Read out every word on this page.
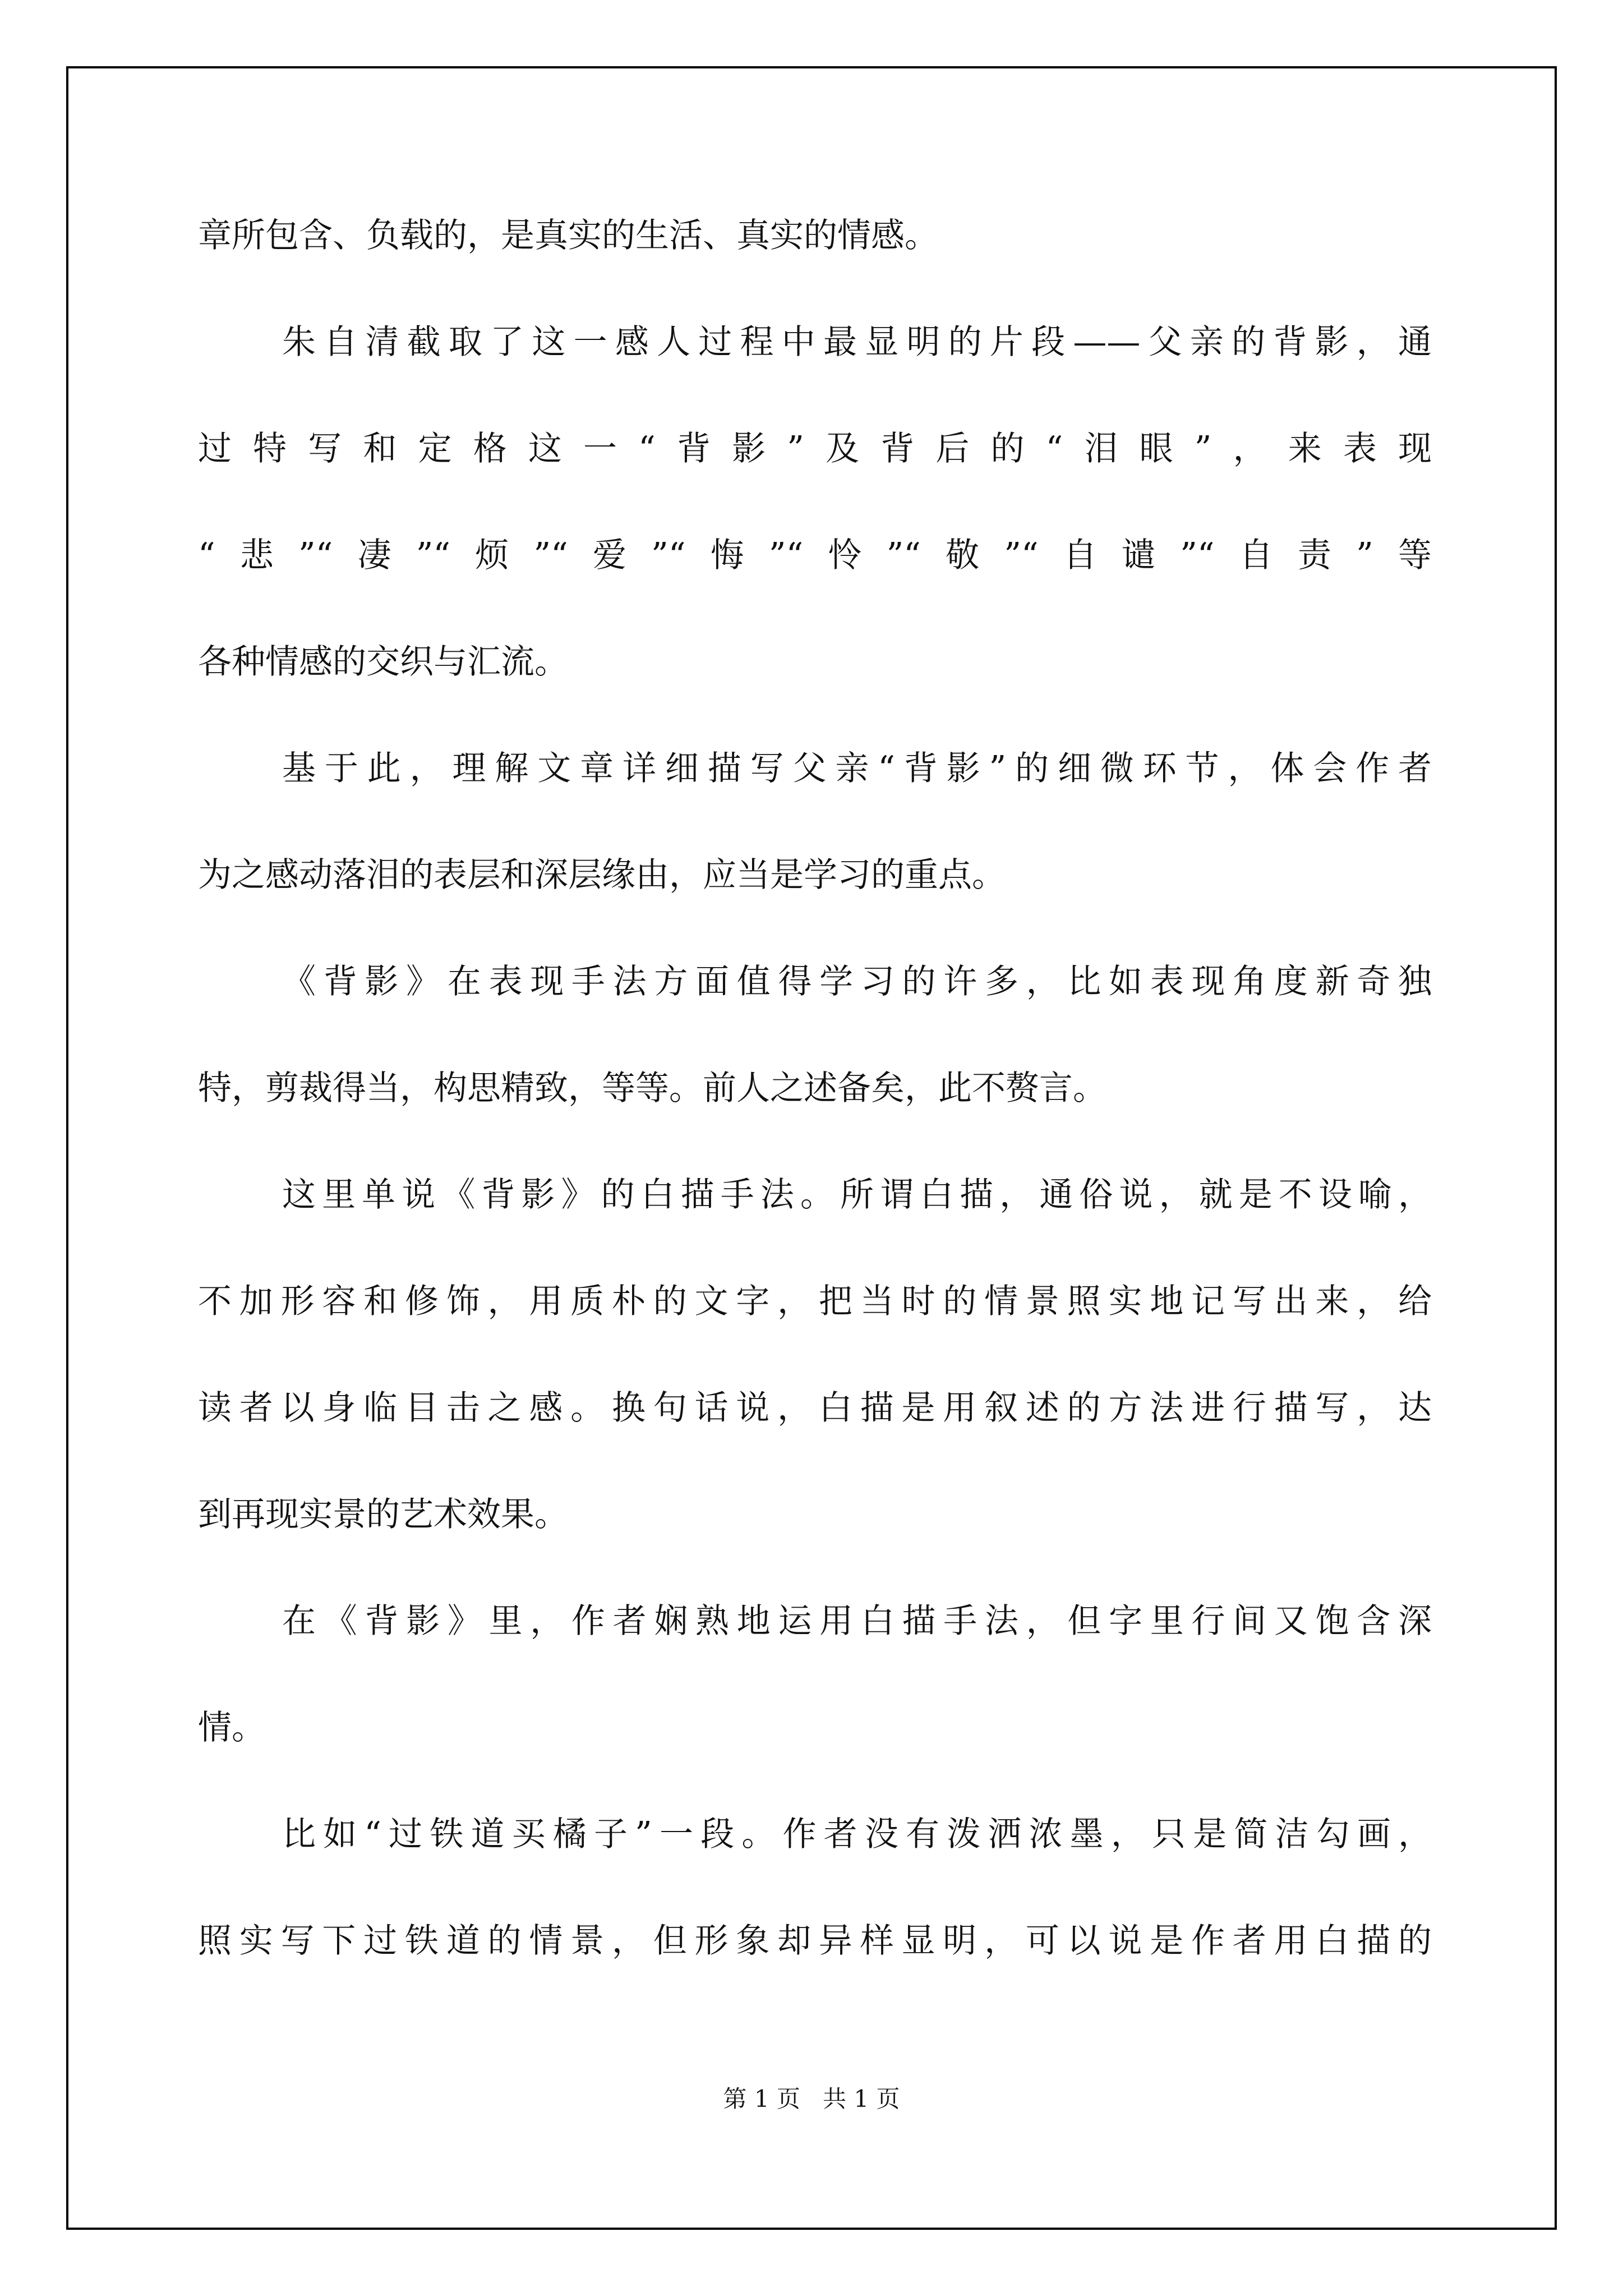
章所包含、负载的，是真实的生活、真实的情感。
朱自清截取了这一感人过程中最显明的片段——父亲的背影，通
过特写和定格这一“背影”及背后的“泪眼”，来表现
“悲”“凄”“烦”“爱”“悔”“怜”“敬”“自谴”“自责”等
各种情感的交织与汇流。
基于此，理解文章详细描写父亲“背影”的细微环节，体会作者
为之感动落泪的表层和深层缘由，应当是学习的重点。
《背影》在表现手法方面值得学习的许多，比如表现角度新奇独
特，剪裁得当，构思精致，等等。前人之述备矣，此不赘言。
这里单说《背影》的白描手法。所谓白描，通俗说，就是不设喻，
不加形容和修饰，用质朴的文字，把当时的情景照实地记写出来，给
读者以身临目击之感。换句话说，白描是用叙述的方法进行描写，达
到再现实景的艺术效果。
在《背影》里，作者娴熟地运用白描手法，但字里行间又饱含深
情。
比如“过铁道买橘子”一段。作者没有泼洒浓墨，只是简洁勾画，
照实写下过铁道的情景，但形象却异样显明，可以说是作者用白描的
第 1 页   共 1 页
